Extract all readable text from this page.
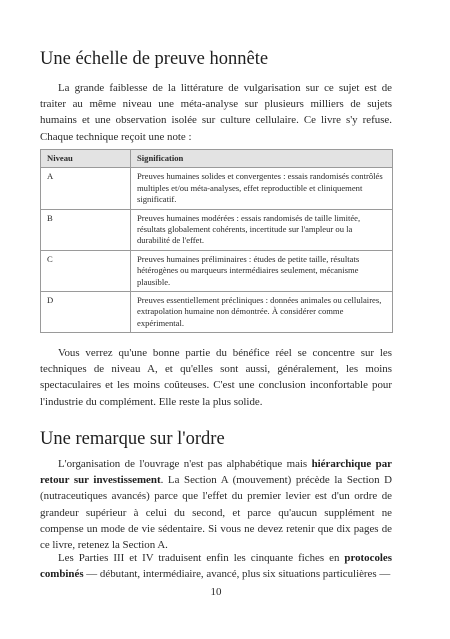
Une échelle de preuve honnête

La grande faiblesse de la littérature de vulgarisation sur ce sujet est de traiter au même niveau une méta-analyse sur plusieurs milliers de sujets humains et une observation isolée sur culture cellulaire. Ce livre s'y refuse. Chaque technique reçoit une note :

Niveau	Signification
A	Preuves humaines solides et convergentes : essais randomisés contrôlés multiples et/ou méta-analyses, effet reproductible et cliniquement significatif.
B	Preuves humaines modérées : essais randomisés de taille limitée, résultats globalement cohérents, incertitude sur l'ampleur ou la durabilité de l'effet.
C	Preuves humaines préliminaires : études de petite taille, résultats hétérogènes ou marqueurs intermédiaires seulement, mécanisme plausible.
D	Preuves essentiellement précliniques : données animales ou cellulaires, extrapolation humaine non démontrée. À considérer comme expérimental.

Vous verrez qu'une bonne partie du bénéfice réel se concentre sur les techniques de niveau A, et qu'elles sont aussi, généralement, les moins spectaculaires et les moins coûteuses. C'est une conclusion inconfortable pour l'industrie du complément. Elle reste la plus solide.

Une remarque sur l'ordre

L'organisation de l'ouvrage n'est pas alphabétique mais hiérarchique par retour sur investissement. La Section A (mouvement) précède la Section D (nutraceutiques avancés) parce que l'effet du premier levier est d'un ordre de grandeur supérieur à celui du second, et parce qu'aucun supplément ne compense un mode de vie sédentaire. Si vous ne devez retenir que dix pages de ce livre, retenez la Section A.

Les Parties III et IV traduisent enfin les cinquante fiches en protocoles combinés — débutant, intermédiaire, avancé, plus six situations particulières —

10
